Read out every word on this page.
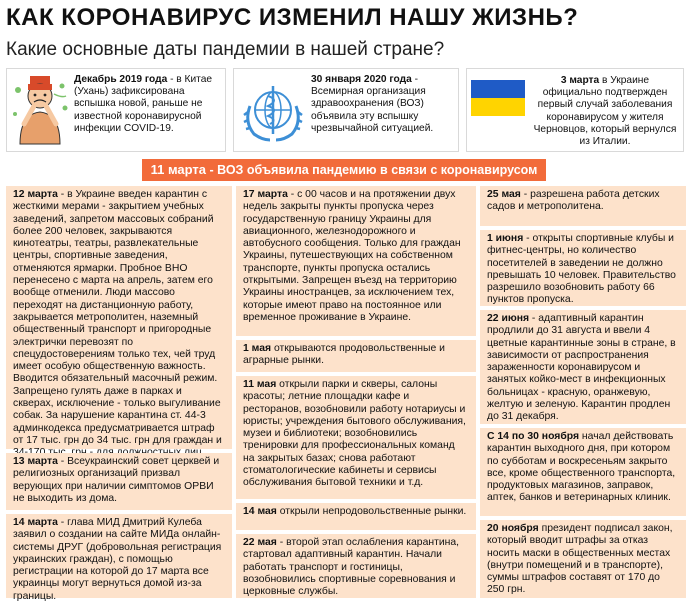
КАК КОРОНАВИРУС ИЗМЕНИЛ НАШУ ЖИЗНЬ?
Какие основные даты пандемии в нашей стране?
Декабрь 2019 года - в Китае (Ухань) зафиксирована вспышка новой, раньше не известной коронавирусной инфекции COVID-19.
30 января 2020 года - Всемирная организация здравоохранения (ВОЗ) объявила эту вспышку чрезвычайной ситуацией.
3 марта в Украине официально подтвержден первый случай заболевания коронавирусом у жителя Черновцов, который вернулся из Италии.
11 марта - ВОЗ объявила пандемию в связи с коронавирусом
12 марта - в Украине введен карантин с жесткими мерами - закрытием учебных заведений, запретом массовых собраний более 200 человек, закрываются кинотеатры, театры, развлекательные центры, спортивные заведения, отменяются ярмарки. Пробное ВНО перенесено с марта на апрель, затем его вообще отменили. Люди массово переходят на дистанционную работу, закрывается метрополитен, наземный общественный транспорт и пригородные электрички перевозят по спецудостоверениям только тех, чей труд имеет особую общественную важность. Вводится обязательный масочный режим. Запрещено гулять даже в парках и скверах, исключение - только выгуливание собак. За нарушение карантина ст. 44-3 админкодекса предусматривается штраф от 17 тыс. грн до 34 тыс. грн для граждан и
13 марта - Всеукраинский совет церквей и религиозных организаций призвал верующих при наличии симптомов ОРВИ не выходить из дома.
14 марта - глава МИД Дмитрий Кулеба заявил о создании на сайте МИДа онлайн-системы ДРУГ (добровольная регистрация украинских граждан), с помощью регистрации на которой до 17 марта все украинцы могут вернуться домой из-за границы.
17 марта - с 00 часов и на протяжении двух недель закрыты пункты пропуска через государственную границу Украины для авиационного, железнодорожного и автобусного сообщения. Только для граждан Украины, путешествующих на собственном транспорте, пункты пропуска остались открытыми. Запрещен въезд на территорию Украины иностранцев, за исключением тех, которые имеют право на постоянное или временное проживание в Украине.
1 мая открываются продовольственные и аграрные рынки.
11 мая открыли парки и скверы, салоны красоты; летние площадки кафе и ресторанов, возобновили работу нотариусы и юристы; учреждения бытового обслуживания, музеи и библиотеки; возобновились тренировки для профессиональных команд на закрытых базах; снова работают стоматологические кабинеты и сервисы обслуживания бытовой техники и т.д.
14 мая открыли непродовольственные рынки.
22 мая - второй этап ослабления карантина, стартовал адаптивный карантин. Начали работать транспорт и гостиницы, возобновились спортивные соревнования и церковные службы.
25 мая - разрешена работа детских садов и метрополитена.
1 июня - открыты спортивные клубы и фитнес-центры, но количество посетителей в заведении не должно превышать 10 человек. Правительство разрешило возобновить работу 66 пунктов пропуска.
22 июня - адаптивный карантин продлили до 31 августа и ввели 4 цветные карантинные зоны в стране, в зависимости от распространения зараженности коронавирусом и занятых койко-мест в инфекционных больницах - красную, оранжевую, желтую и зеленую. Карантин продлен до 31 декабря.
С 14 по 30 ноября начал действовать карантин выходного дня, при котором по субботам и воскресеньям закрыто все, кроме общественного транспорта, продуктовых магазинов, заправок, аптек, банков и ветеринарных клиник.
20 ноября президент подписал закон, который вводит штрафы за отказ носить маски в общественных местах (внутри помещений и в транспорте), суммы штрафов составят от 170 до 250 грн.
